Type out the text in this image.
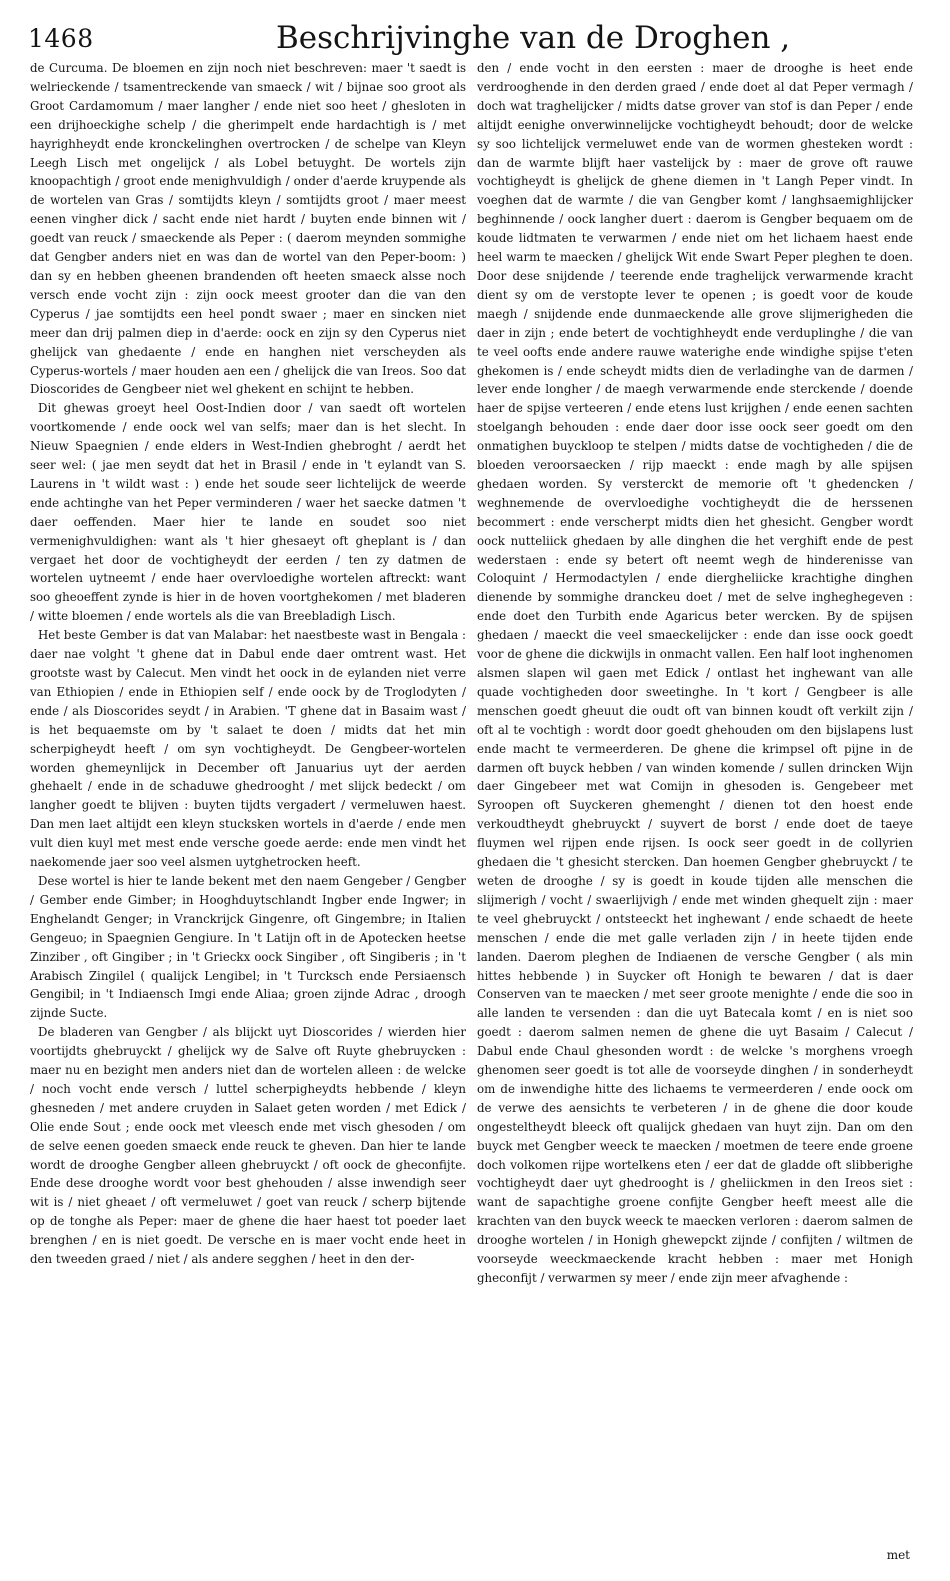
1468	Beschrijvinghe van de Droghen ,

de Curcuma. De bloemen en zijn noch niet beschreven: maer 't saedt is welrieckende / tsamentreckende van smaeck / wit / bijnae soo groot als Groot Cardamomum / maer langher / ende niet soo heet / ghesloten in een drijhoeckighe schelp / die gherimpelt ende hardachtigh is / met hayrighheydt ende kronckelinghen overtrocken / de schelpe van Kleyn Leegh Lisch met ongelijck / als Lobel betuyght. De wortels zijn knoopachtigh / groot ende menighvuldigh / onder d'aerde kruypende als de wortelen van Gras / somtijdts kleyn / somtijdts groot / maer meest eenen vingher dick / sacht ende niet hardt / buyten ende binnen wit / goedt van reuck / smaeckende als Peper : ( daerom meynden sommighe dat Gengber anders niet en was dan de wortel van den Peper-boom: ) dan sy en hebben gheenen brandenden oft heeten smaeck alsse noch versch ende vocht zijn : zijn oock meest grooter dan die van den Cyperus / jae somtijdts een heel pondt swaer ; maer en sincken niet meer dan drij palmen diep in d'aerde: oock en zijn sy den Cyperus niet ghelijck van ghedaente / ende en hanghen niet verscheyden als Cyperus-wortels / maer houden aen een / ghelijck die van Ireos. Soo dat Dioscorides de Gengbeer niet wel ghekent en schijnt te hebben.

Dit ghewas groeyt heel Oost-Indien door / van saedt oft wortelen voortkomende / ende oock wel van selfs; maer dan is het slecht. In Nieuw Spaegnien / ende elders in West-Indien ghebroght / aerdt het seer wel: ( jae men seydt dat het in Brasil / ende in 't eylandt van S. Laurens in 't wildt wast : ) ende het soude seer lichtelijck de weerde ende achtinghe van het Peper verminderen / waer het saecke datmen 't daer oeffenden. Maer hier te lande en soudet soo niet vermenighvuldighen: want als 't hier ghesaeyt oft gheplant is / dan vergaet het door de vochtigheydt der eerden / ten zy datmen de wortelen uytneemt / ende haer overvloedighe wortelen aftreckt: want soo gheoeffent zynde is hier in de hoven voortghekomen / met bladeren / witte bloemen / ende wortels als die van Breebladigh Lisch.

Het beste Gember is dat van Malabar: het naestbeste wast in Bengala : daer nae volght 't ghene dat in Dabul ende daer omtrent wast. Het grootste wast by Calecut. Men vindt het oock in de eylanden niet verre van Ethiopien / ende in Ethiopien self / ende oock by de Troglodyten / ende / als Dioscorides seydt / in Arabien. 'T ghene dat in Basaim wast / is het bequaemste om by 't salaet te doen / midts dat het min scherpigheydt heeft / om syn vochtigheydt. De Gengbeer-wortelen worden ghemeynlijck in December oft Januarius uyt der aerden ghehaelt / ende in de schaduwe ghedrooght / met slijck bedeckt / om langher goedt te blijven : buyten tijdts vergadert / vermeluwen haest. Dan men laet altijdt een kleyn stucksken wortels in d'aerde / ende men vult dien kuyl met mest ende versche goede aerde: ende men vindt het naekomende jaer soo veel alsmen uytghetrocken heeft.

Dese wortel is hier te lande bekent met den naem Gengeber / Gengber / Gember ende Gimber; in Hooghduytschlandt Ingber ende Ingwer; in Enghelandt Genger; in Vranckrijck Gingenre, oft Gingembre; in Italien Gengeuo; in Spaegnien Gengiure. In 't Latijn oft in de Apotecken heetse Zinziber , oft Gingiber ; in 't Grieckx oock Singiber , oft Singiberis ; in 't Arabisch Zingilel ( qualijck Lengibel; in 't Turcksch ende Persiaensch Gengibil; in 't Indiaensch Imgi ende Aliaa; groen zijnde Adrac , droogh zijnde Sucte.

De bladeren van Gengber / als blijckt uyt Dioscorides / wierden hier voortijdts ghebruyckt / ghelijck wy de Salve oft Ruyte ghebruycken : maer nu en bezight men anders niet dan de wortelen alleen : de welcke / noch vocht ende versch / luttel scherpigheydts hebbende / kleyn ghesneden / met andere cruyden in Salaet geten worden / met Edick / Olie ende Sout ; ende oock met vleesch ende met visch ghesoden / om de selve eenen goeden smaeck ende reuck te gheven. Dan hier te lande wordt de drooghe Gengber alleen ghebruyckt / oft oock de gheconfijte. Ende dese drooghe wordt voor best ghehouden / alsse inwendigh seer wit is / niet gheaet / oft vermeluwet / goet van reuck / scherp bijtende op de tonghe als Peper: maer de ghene die haer haest tot poeder laet brenghen / en is niet goedt. De versche en is maer vocht ende heet in den tweeden graed / niet / als andere segghen / heet in den der-

den / ende vocht in den eersten : maer de drooghe is heet ende verdrooghende in den derden graed / ende doet al dat Peper vermagh / doch wat traghelijcker / midts datse grover van stof is dan Peper / ende altijdt eenighe onverwinnelijcke vochtigheydt behoudt; door de welcke sy soo lichtelijck vermeluwet ende van de wormen ghesteken wordt : dan de warmte blijft haer vastelijck by : maer de grove oft rauwe vochtigheydt is ghelijck de ghene diemen in 't Langh Peper vindt. In voeghen dat de warmte / die van Gengber komt / langhsaemighlijcker beghinnende / oock langher duert : daerom is Gengber bequaem om de koude lidtmaten te verwarmen / ende niet om het lichaem haest ende heel warm te maecken / ghelijck Wit ende Swart Peper pleghen te doen. Door dese snijdende / teerende ende traghelijck verwarmende kracht dient sy om de verstopte lever te openen ; is goedt voor de koude maegh / snijdende ende dunmaeckende alle grove slijmerigheden die daer in zijn ; ende betert de vochtighheydt ende verduplinghe / die van te veel oofts ende andere rauwe waterighe ende windighe spijse t'eten ghekomen is / ende scheydt midts dien de verladinghe van de darmen / lever ende longher / de maegh verwarmende ende sterckende / doende haer de spijse verteeren / ende etens lust krijghen / ende eenen sachten stoelgangh behouden : ende daer door isse oock seer goedt om den onmatighen buyckloop te stelpen / midts datse de vochtigheden / die de bloeden veroorsaecken / rijp maeckt : ende magh by alle spijsen ghedaen worden. Sy versterckt de memorie oft 't ghedencken / weghnemende de overvloedighe vochtigheydt die de herssenen becommert : ende verscherpt midts dien het ghesicht. Gengber wordt oock nutteliick ghedaen by alle dinghen die het verghift ende de pest wederstaen : ende sy betert oft neemt wegh de hinderenisse van Coloquint / Hermodactylen / ende diergheliicke krachtighe dinghen dienende by sommighe dranckeu doet / met de selve ingheghegeven : ende doet den Turbith ende Agaricus beter wercken. By de spijsen ghedaen / maeckt die veel smaeckelijcker : ende dan isse oock goedt voor de ghene die dickwijls in onmacht vallen. Een half loot inghenomen alsmen slapen wil gaen met Edick / ontlast het inghewant van alle quade vochtigheden door sweetinghe. In 't kort / Gengbeer is alle menschen goedt gheuut die oudt oft van binnen koudt oft verkilt zijn / oft al te vochtigh : wordt door goedt ghehouden om den bijslapens lust ende macht te vermeerderen. De ghene die krimpsel oft pijne in de darmen oft buyck hebben / van winden komende / sullen drincken Wijn daer Gingebeer met wat Comijn in ghesoden is. Gengebeer met Syroopen oft Suyckeren ghemenght / dienen tot den hoest ende verkoudtheydt ghebruyckt / suyvert de borst / ende doet de taeye fluymen wel rijpen ende rijsen. Is oock seer goedt in de collyrien ghedaen die 't ghesicht stercken. Dan hoemen Gengber ghebruyckt / te weten de drooghe / sy is goedt in koude tijden alle menschen die slijmerigh / vocht / swaerlijvigh / ende met winden ghequelt zijn : maer te veel ghebruyckt / ontsteeckt het inghewant / ende schaedt de heete menschen / ende die met galle verladen zijn / in heete tijden ende landen. Daerom pleghen de Indiaenen de versche Gengber ( als min hittes hebbende ) in Suycker oft Honigh te bewaren / dat is daer Conserven van te maecken / met seer groote menighte / ende die soo in alle landen te versenden : dan die uyt Batecala komt / en is niet soo goedt : daerom salmen nemen de ghene die uyt Basaim / Calecut / Dabul ende Chaul ghesonden wordt : de welcke 's morghens vroegh ghenomen seer goedt is tot alle de voorseyde dinghen / in sonderheydt om de inwendighe hitte des lichaems te vermeerderen / ende oock om de verwe des aensichts te verbeteren / in de ghene die door koude ongesteltheydt bleeck oft qualijck ghedaen van huyt zijn. Dan om den buyck met Gengber weeck te maecken / moetmen de teere ende groene doch volkomen rijpe wortelkens eten / eer dat de gladde oft slibberighe vochtigheydt daer uyt ghedrooght is / gheliickmen in den Ireos siet : want de sapachtighe groene confijte Gengber heeft meest alle die krachten van den buyck weeck te maecken verloren : daerom salmen de drooghe wortelen / in Honigh ghewepckt zijnde / confijten / wiltmen de voorseyde weeckmaeckende kracht hebben : maer met Honigh gheconfijt / verwarmen sy meer / ende zijn meer afvaghende :

met
